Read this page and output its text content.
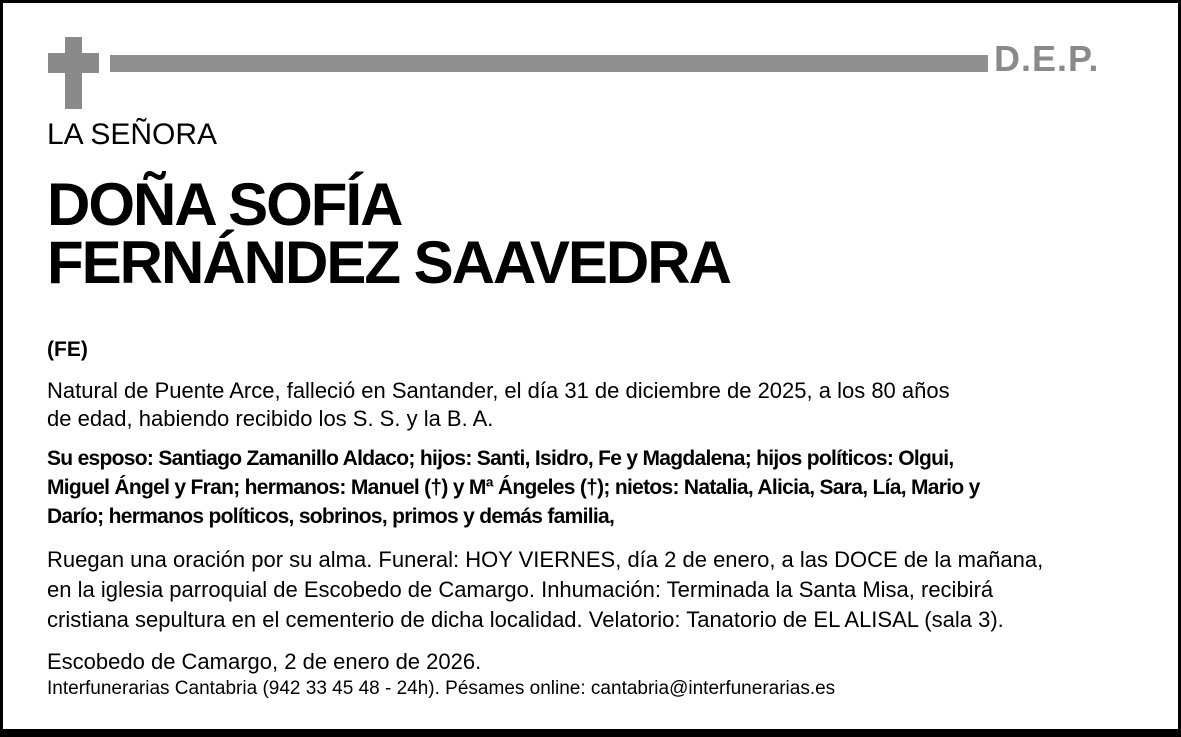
D.E.P.
LA SEÑORA
DOÑA SOFÍA
FERNÁNDEZ SAAVEDRA
(FE)
Natural de Puente Arce, falleció en Santander, el día 31 de diciembre de 2025, a los 80 años
de edad, habiendo recibido los S. S. y la B. A.
Su esposo: Santiago Zamanillo Aldaco; hijos: Santi, Isidro, Fe y Magdalena; hijos políticos: Olgui,
Miguel Ángel y Fran; hermanos: Manuel (†) y Mª Ángeles (†); nietos: Natalia, Alicia, Sara, Lía, Mario y
Darío; hermanos políticos, sobrinos, primos y demás familia,
Ruegan una oración por su alma. Funeral: HOY VIERNES, día 2 de enero, a las DOCE de la mañana,
en la iglesia parroquial de Escobedo de Camargo. Inhumación: Terminada la Santa Misa, recibirá
cristiana sepultura en el cementerio de dicha localidad. Velatorio: Tanatorio de EL ALISAL (sala 3).
Escobedo de Camargo, 2 de enero de 2026.
Interfunerarias Cantabria (942 33 45 48 - 24h). Pésames online: cantabria@interfunerarias.es
